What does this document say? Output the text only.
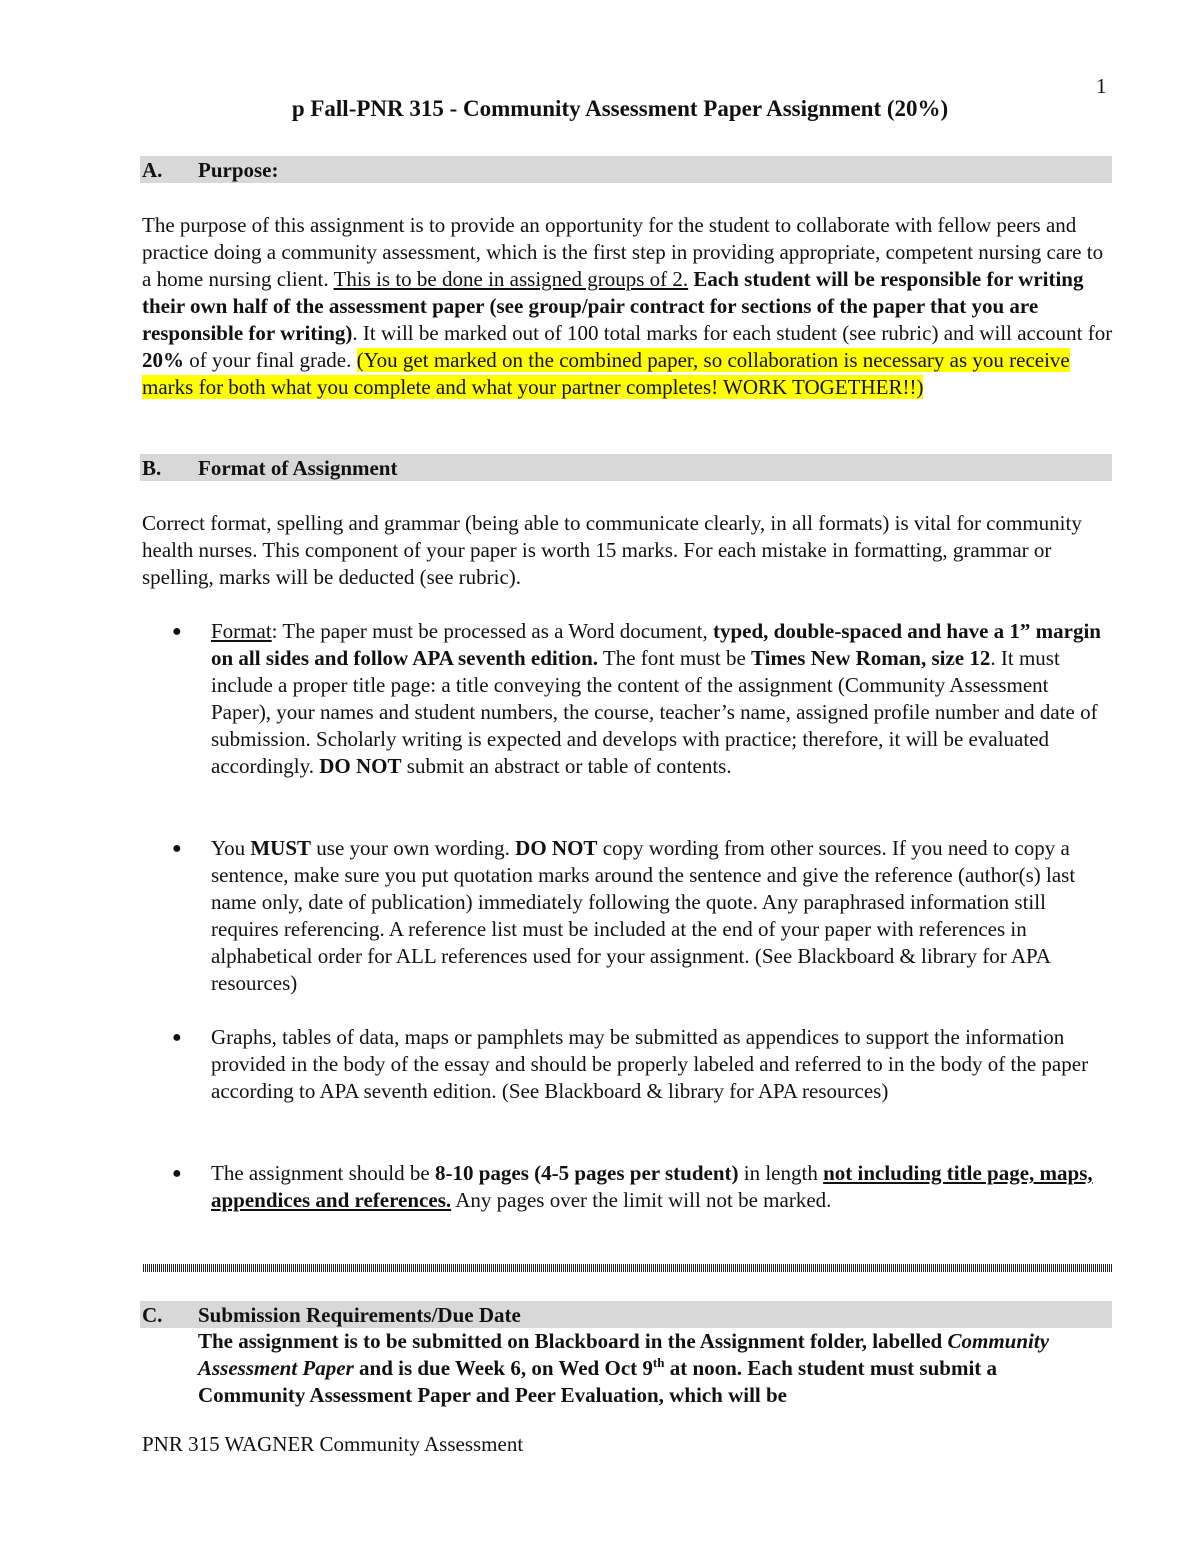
1
p Fall-PNR 315 - Community Assessment Paper Assignment (20%)
A. Purpose:

The purpose of this assignment is to provide an opportunity for the student to collaborate with fellow peers and practice doing a community assessment, which is the first step in providing appropriate, competent nursing care to a home nursing client. This is to be done in assigned groups of 2. Each student will be responsible for writing their own half of the assessment paper (see group/pair contract for sections of the paper that you are responsible for writing). It will be marked out of 100 total marks for each student (see rubric) and will account for 20% of your final grade. (You get marked on the combined paper, so collaboration is necessary as you receive marks for both what you complete and what your partner completes! WORK TOGETHER!!)

B. Format of Assignment

Correct format, spelling and grammar (being able to communicate clearly, in all formats) is vital for community health nurses. This component of your paper is worth 15 marks. For each mistake in formatting, grammar or spelling, marks will be deducted (see rubric).

● Format: The paper must be processed as a Word document, typed, double-spaced and have a 1” margin on all sides and follow APA seventh edition. The font must be Times New Roman, size 12. It must include a proper title page: a title conveying the content of the assignment (Community Assessment Paper), your names and student numbers, the course, teacher’s name, assigned profile number and date of submission. Scholarly writing is expected and develops with practice; therefore, it will be evaluated accordingly. DO NOT submit an abstract or table of contents.

● You MUST use your own wording. DO NOT copy wording from other sources. If you need to copy a sentence, make sure you put quotation marks around the sentence and give the reference (author(s) last name only, date of publication) immediately following the quote. Any paraphrased information still requires referencing. A reference list must be included at the end of your paper with references in alphabetical order for ALL references used for your assignment. (See Blackboard & library for APA resources)

● Graphs, tables of data, maps or pamphlets may be submitted as appendices to support the information provided in the body of the essay and should be properly labeled and referred to in the body of the paper according to APA seventh edition. (See Blackboard & library for APA resources)

● The assignment should be 8-10 pages (4-5 pages per student) in length not including title page, maps, appendices and references. Any pages over the limit will not be marked.

C. Submission Requirements/Due Date

The assignment is to be submitted on Blackboard in the Assignment folder, labelled Community Assessment Paper and is due Week 6, on Wed Oct 9th at noon. Each student must submit a Community Assessment Paper and Peer Evaluation, which will be

PNR 315 WAGNER Community Assessment
